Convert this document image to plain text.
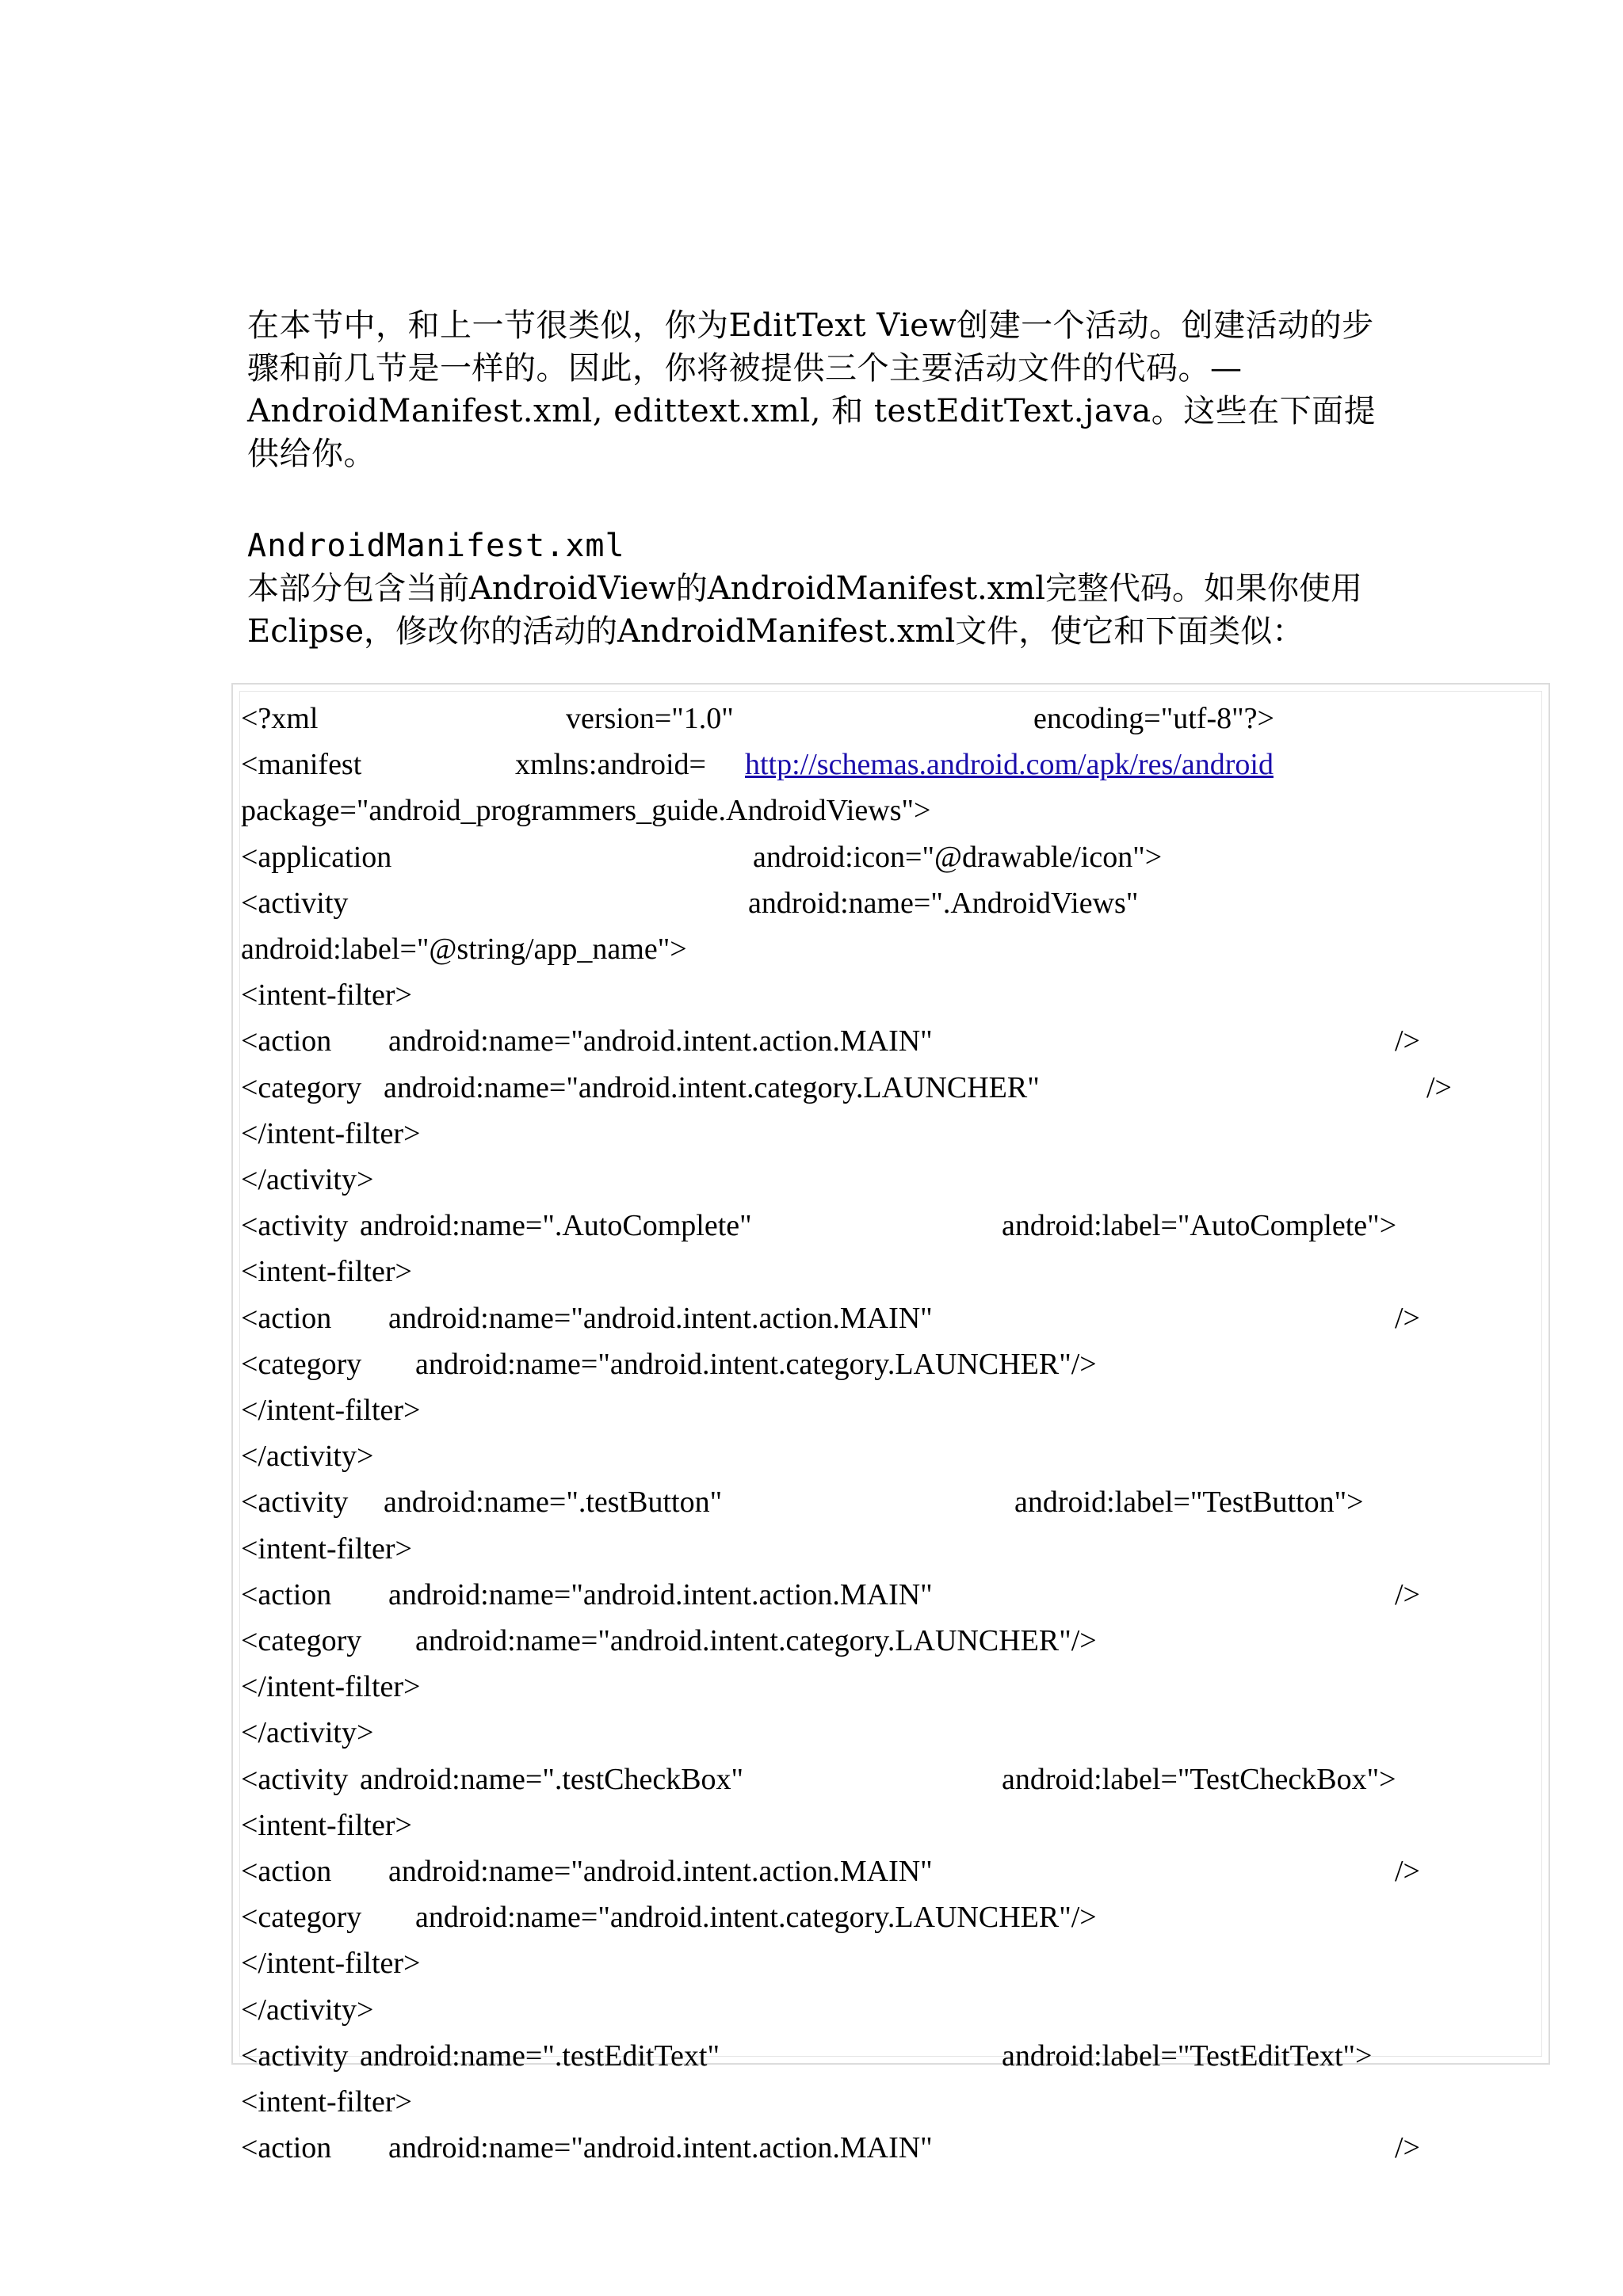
在本节中，和上一节很类似，你为EditText View创建一个活动。创建活动的步

骤和前几节是一样的。因此，你将被提供三个主要活动文件的代码。—

AndroidManifest.xml, edittext.xml, 和 testEditText.java。这些在下面提

供给你。

AndroidManifest.xml

本部分包含当前AndroidView的AndroidManifest.xml完整代码。如果你使用

Eclipse，修改你的活动的AndroidManifest.xml文件，使它和下面类似：

<?xml	version="1.0"	encoding="utf-8"?>
<manifest	xmlns:android= http://schemas.android.com/apk/res/android
package="android_programmers_guide.AndroidViews">
<application	android:icon="@drawable/icon">
<activity	android:name=".AndroidViews"
android:label="@string/app_name">
<intent-filter>
<action android:name="android.intent.action.MAIN"	/>
<category android:name="android.intent.category.LAUNCHER"	/>
</intent-filter>
</activity>
<activity android:name=".AutoComplete"	android:label="AutoComplete">
<intent-filter>
<action android:name="android.intent.action.MAIN"	/>
<category android:name="android.intent.category.LAUNCHER"/>
</intent-filter>
</activity>
<activity android:name=".testButton"	android:label="TestButton">
<intent-filter>
<action android:name="android.intent.action.MAIN"	/>
<category android:name="android.intent.category.LAUNCHER"/>
</intent-filter>
</activity>
<activity android:name=".testCheckBox"	android:label="TestCheckBox">
<intent-filter>
<action android:name="android.intent.action.MAIN"	/>
<category android:name="android.intent.category.LAUNCHER"/>
</intent-filter>
</activity>
<activity android:name=".testEditText"	android:label="TestEditText">
<intent-filter>
<action android:name="android.intent.action.MAIN"	/>
